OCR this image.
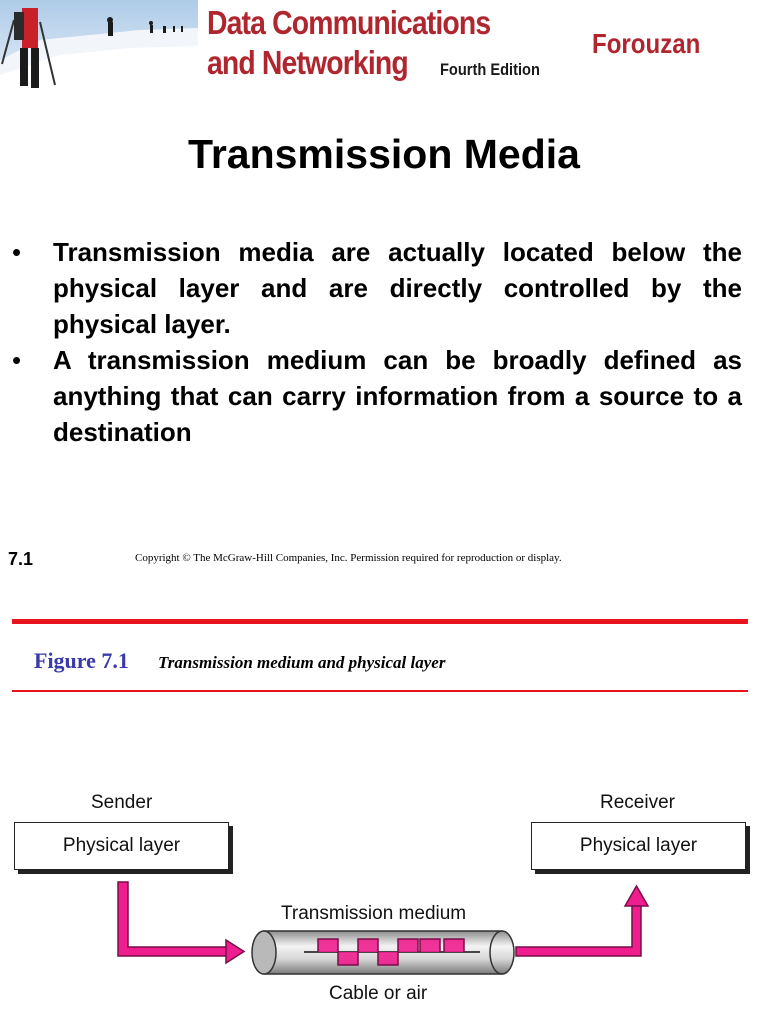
Data Communications
and Networking Fourth Edition
Forouzan
Transmission Media
• Transmission media are actually located below the physical layer and are directly controlled by the physical layer.
• A transmission medium can be broadly defined as anything that can carry information from a source to a destination
7.1	Copyright © The McGraw-Hill Companies, Inc. Permission required for reproduction or display.
Figure 7.1 Transmission medium and physical layer
Sender	Receiver
Physical layer	Physical layer
Transmission medium
Cable or air
